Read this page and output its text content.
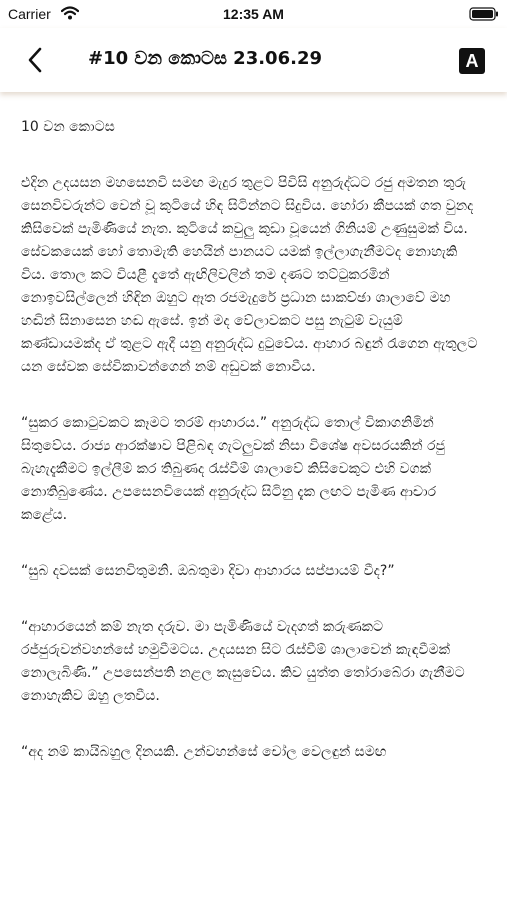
Carrier	12:35 AM
#10 වන කොටස 23.06.29	A

10 වන කොටස

එදින උදයසන මහසෙනවි සමඟ මැදුර තුළට පිවිසි අනුරුද්ධට රජු අමතන තුරු සෙනවිවරුන්ට වෙන් වූ කුටියේ හිඳ සිටින්නට සිදුවිය. හෝරා කීපයක් ගත වුනද කිසිවෙක් පැමිණියේ නැත. කුටියේ කවුලු කුඩා වූයෙන් ගිනියම් උණුසුමක් විය. සේවකයෙක් හෝ තොමැති හෙයින් පානයට යමක් ඉල්ලාගැනීමටද නොහැකි විය. තොල කට වියළී දැතේ ඇඟිලිවලින් තම දණට තට්ටුකරමින් නොඉවසිල්ලෙන් හිඳින ඔහුට ඈත රජමැදුරේ ප්‍රධාන සාකච්ඡා ශාලාවේ මහ හඬින් සිනාසෙන හඬ ඇසේ. ඉන් මද වේලාවකට පසු නැටුම් වැයුම් කණ්ඩායමක්ද ඒ තුළට ඇදී යනු අනුරුද්ධ දුටුවේය. ආහාර බඳුන් රැගෙන ඇතුලට යන සේවක සේවිකාවන්ගෙන් නම් අඩුවක් නොවීය.

“සුකර කොටුවකට කෑමට තරම් ආහාරය.” අනුරුද්ධ තොල් විකාගනිමින් සිතුවේය. රාජ්‍ය ආරක්ෂාව පිළිබඳ ගැටලුවක් නිසා විශේෂ අවසරයකින් රජු බැහැදැකීමට ඉල්ලීම් කර තිබුණද රැස්වීම් ශාලාවේ කිසිවෙකුට එහි වගක් නොතිබුණේය. උපසෙනවියෙක් අනුරුද්ධ සිටිනු දැක ලඟට පැමිණ ආචාර කළේය.

“සුබ දවසක් සෙනවිතුමනි. ඔබතුමා දිවා ආහාරය සප්පායම් වීද?”

“ආහාරයෙන් කම් නැත දරුව. මා පැමිණියේ වැදගත් කරුණකට රජ්ජුරුවන්වහන්සේ හමුවීමටය. උදයසන සිට රැස්වීම් ශාලාවෙන් කැඳවීමක් නොලැබිණි.” උපසෙන්පති නළල කැසුවේය. කිව යුත්ත තෝරාබේරා ගැනීමට නොහැකිව ඔහු ලතවීය.

“අද නම් කායිබහුල දිනයකි. උන්වහන්සේ චෝල වෙලඳුන් සමඟ
